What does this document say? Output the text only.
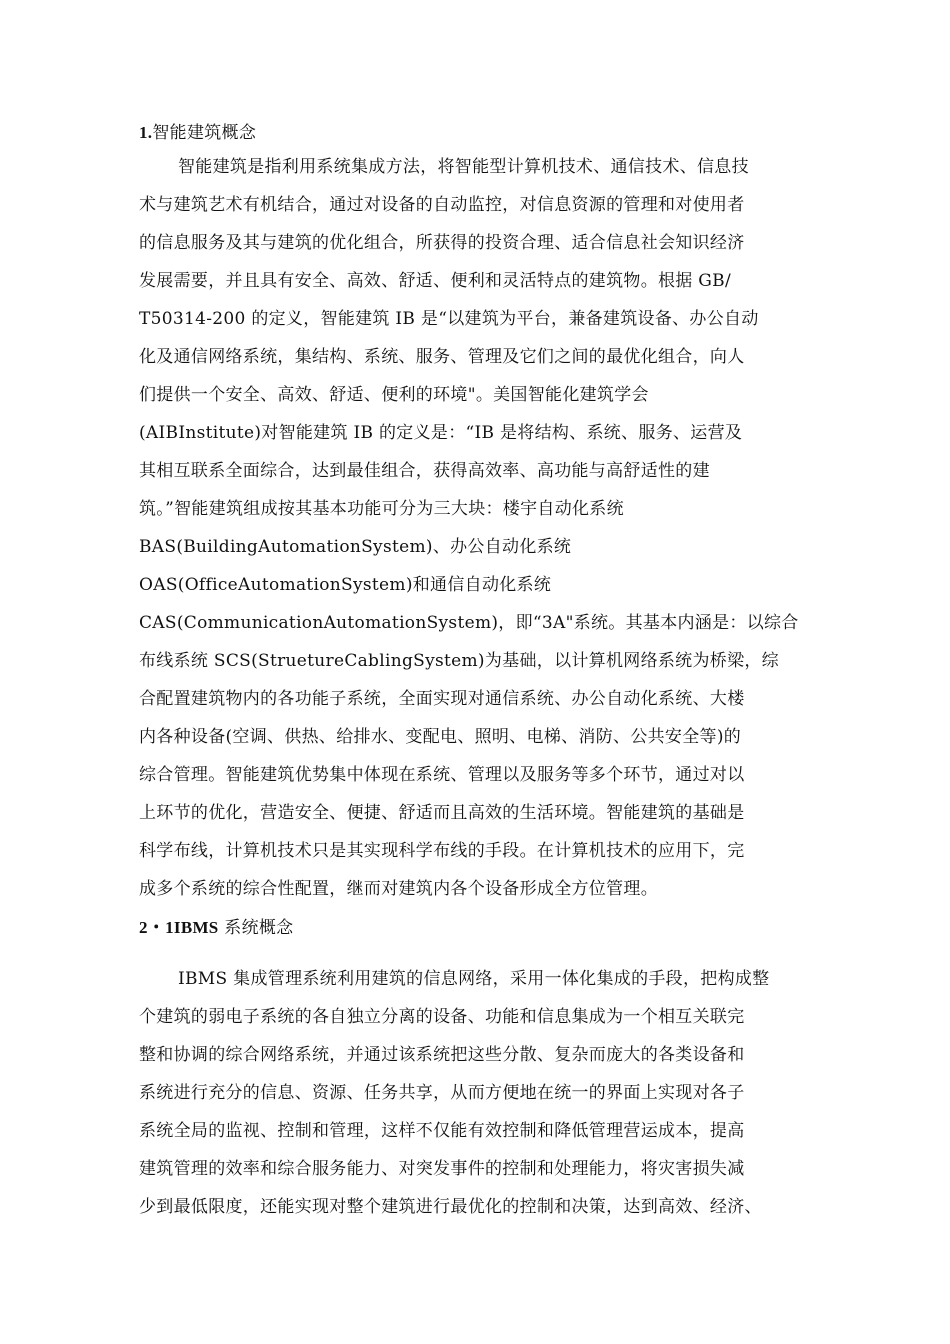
1.智能建筑概念
智能建筑是指利用系统集成方法，将智能型计算机技术、通信技术、信息技
术与建筑艺术有机结合，通过对设备的自动监控，对信息资源的管理和对使用者
的信息服务及其与建筑的优化组合，所获得的投资合理、适合信息社会知识经济
发展需要，并且具有安全、高效、舒适、便利和灵活特点的建筑物。根据 GB/
T50314-200 的定义，智能建筑 IB 是“以建筑为平台，兼备建筑设备、办公自动
化及通信网络系统，集结构、系统、服务、管理及它们之间的最优化组合，向人
们提供一个安全、高效、舒适、便利的环境"。美国智能化建筑学会
(AIBInstitute)对智能建筑 IB 的定义是：“IB 是将结构、系统、服务、运营及
其相互联系全面综合，达到最佳组合，获得高效率、高功能与高舒适性的建
筑。”智能建筑组成按其基本功能可分为三大块：楼宇自动化系统
BAS(BuildingAutomationSystem)、办公自动化系统
OAS(OfficeAutomationSystem)和通信自动化系统
CAS(CommunicationAutomationSystem)，即“3A"系统。其基本内涵是：以综合
布线系统 SCS(StruetureCablingSystem)为基础，以计算机网络系统为桥梁，综
合配置建筑物内的各功能子系统，全面实现对通信系统、办公自动化系统、大楼
内各种设备(空调、供热、给排水、变配电、照明、电梯、消防、公共安全等)的
综合管理。智能建筑优势集中体现在系统、管理以及服务等多个环节，通过对以
上环节的优化，营造安全、便捷、舒适而且高效的生活环境。智能建筑的基础是
科学布线，计算机技术只是其实现科学布线的手段。在计算机技术的应用下，完
成多个系统的综合性配置，继而对建筑内各个设备形成全方位管理。
2・1IBMS 系统概念
IBMS 集成管理系统利用建筑的信息网络，采用一体化集成的手段，把构成整
个建筑的弱电子系统的各自独立分离的设备、功能和信息集成为一个相互关联完
整和协调的综合网络系统，并通过该系统把这些分散、复杂而庞大的各类设备和
系统进行充分的信息、资源、任务共享，从而方便地在统一的界面上实现对各子
系统全局的监视、控制和管理，这样不仅能有效控制和降低管理营运成本，提高
建筑管理的效率和综合服务能力、对突发事件的控制和处理能力，将灾害损失减
少到最低限度，还能实现对整个建筑进行最优化的控制和决策，达到高效、经济、
